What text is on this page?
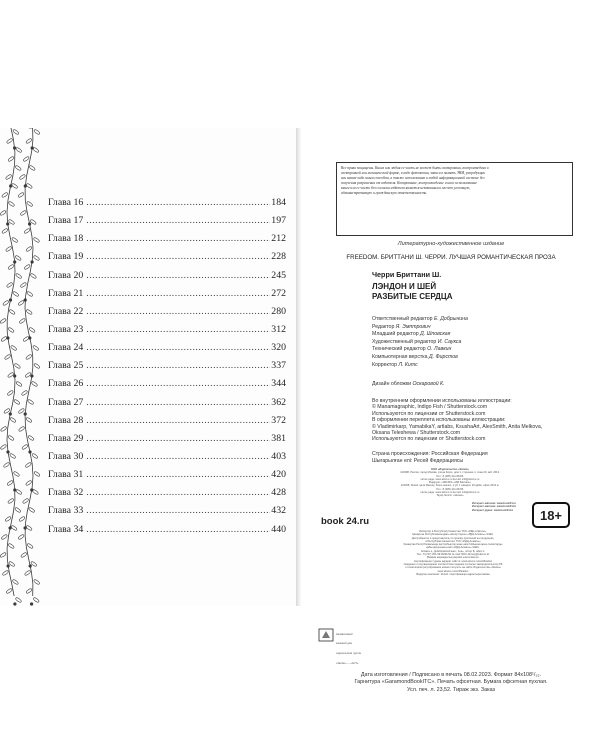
Глава 16 .....	184
Глава 17 .....	197
Глава 18 .....	212
Глава 19 .....	228
Глава 20 .....	245
Глава 21 .....	272
Глава 22 .....	280
Глава 23 .....	312
Глава 24 .....	320
Глава 25 .....	337
Глава 26 .....	344
Глава 27 .....	362
Глава 28 .....	372
Глава 29 .....	381
Глава 30 .....	403
Глава 31 .....	420
Глава 32 .....	428
Глава 33 .....	432
Глава 34 .....	440

Все права защищены. Книга или любая ее часть не может быть скопирована, воспроизведена в

электронной или механической форме, в виде фотокопии, записи в память ЭВМ, репродукции

или каким-либо иным способом, а также использована в любой информационной системе без

получения разрешения от издателя. Копирование, воспроизведение и иное использование

книги или ее части без согласия издателя является незаконным и влечет уголовную,

административную и гражданскую ответственность.

Литературно-художественное издание
FREEDOM. БРИТТАНИ Ш. ЧЕРРИ. ЛУЧШАЯ РОМАНТИЧЕСКАЯ ПРОЗА
Черри Бриттани Ш.
ЛЭНДОН И ШЕЙ
РАЗБИТЫЕ СЕРДЦА
Ответственный редактор Е. Добрынина
Редактор Я. Эмптрович
Младший редактор Д. Шповская
Художественный редактор И. Саукса
Технический редактор О. Лавкин
Компьютерная верстка Д. Фирстов
Корректор Л. Китс
Дизайн обложки Оскаровой К.
Во внутреннем оформлении использованы иллюстрации:
© Manamagraphic, Indigo Fish / Shutterstock.com
Используются по лицензии от Shutterstock.com
В оформлении переплета использованы иллюстрации:
© Vladimirkarp, YamabikaY, artlabs, KsushaArt, AlexSmith, Anita Melkova,
Oksana Teleshewa / Shutterstock.com
Используются по лицензии от Shutterstock.com
Страна происхождения: Российская Федерация
Шығарылған елі: Ресей Федерациясы
ООО «Издательство «Эксмо»
123308, Россия, город Москва, улица Зорге, дом 1, строение 1, этаж 20, каб. 2013.
Тел.: 8 (495) 411-68-86.
Home page: www.eksmo.ru E-mail: info@eksmo.ru
Өндіруші: «ЭКСМО» АҚБ Баспасы,
123308, Ресей, қала Мәскеу, Зорге көшесі, 1 үй, 1 ғимарат, 20 қабат, офис 2013 ж.
Тел.: 8 (495) 411-68-86.
Home page: www.eksmo.ru E-mail: info@eksmo.ru
Тауар белгісі: «Эксмо»
Интернет-магазин: www.book24.ru
Интернет-магазин: www.book24.kz
Интернет-дүкен: www.book24.kz
book 24.ru	18+
Импортёр в Республику Казахстан ТОО «РДЦ-Алматы».
Қазақстан Республикасындағы импорттаушы «РДЦ-Алматы» ЖШС.
Дистрибьютор и представитель по приему претензий на продукцию,
в Республике Казахстан: ТОО «РДЦ-Алматы»
Қазақстан Республикасында дистрибьютор және өнім бойынша арыз-талаптарды
қабылдаушының өкілі «РДЦ-Алматы» ЖШС,
Алматы қ., Домбровский көш., 3«а», литер Б, офис 1.
Тел.: 8 (727) 251-59-90/91/92; E-mail: RDC-Almaty@eksmo.kz
Өнімнің жарамдылық мерзімі шектелмеген.
Сертификация туралы ақпарат сайтта: www.eksmo.ru/certification
Сведения о подтверждении соответствия издания согласно законодательству РФ
о техническом регулировании можно получить на сайте Издательства «Эксмо»
www.eksmo.ru/certification
Өндірген мемлекет: Ресей. Сертификация қарастырылмаған

Независимый

книжный дом

издательская группа

«Эксмо» — «АСТ»

Дата изготовления / Подписано в печать 08.02.2023. Формат 84x108¹/₃₂.
Гарнитура «GaramondBookITC». Печать офсетная. Бумага офсетная пухлая.
Усл. печ. л. 23,52. Тираж экз. Заказ
